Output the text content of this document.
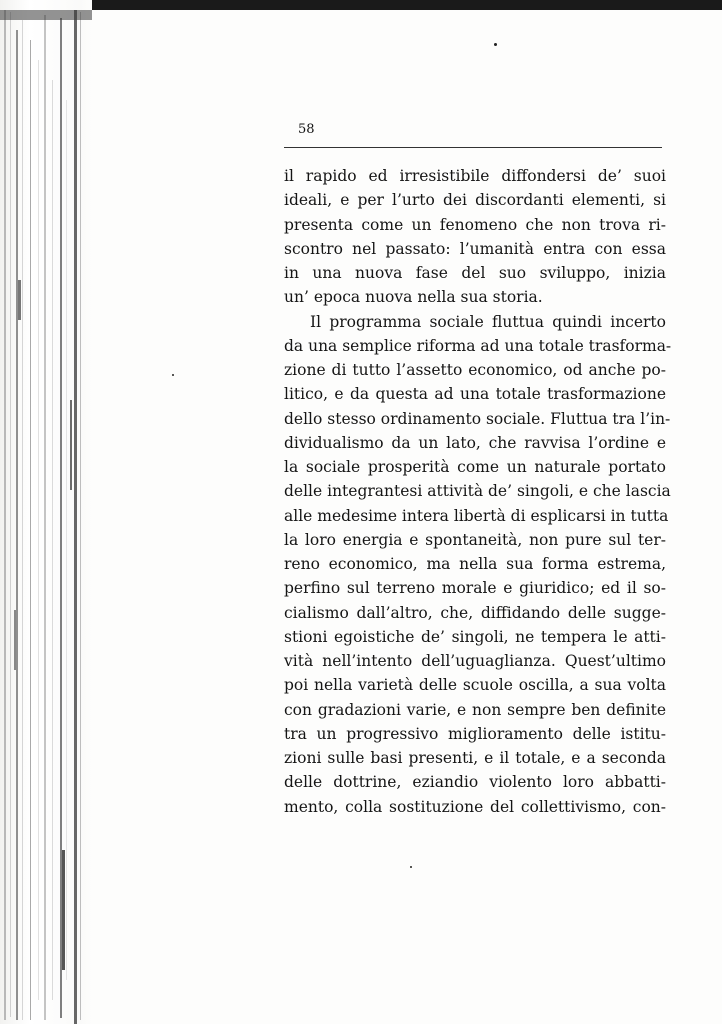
58
il rapido ed irresistibile diffondersi de’ suoi
ideali, e per l’urto dei discordanti elementi, si
presenta come un fenomeno che non trova ri-
scontro nel passato: l’umanità entra con essa
in una nuova fase del suo sviluppo, inizia
un’ epoca nuova nella sua storia.
Il programma sociale fluttua quindi incerto
da una semplice riforma ad una totale trasforma-
zione di tutto l’assetto economico, od anche po-
litico, e da questa ad una totale trasformazione
dello stesso ordinamento sociale. Fluttua tra l’in-
dividualismo da un lato, che ravvisa l’ordine e
la sociale prosperità come un naturale portato
delle integrantesi attività de’ singoli, e che lascia
alle medesime intera libertà di esplicarsi in tutta
la loro energia e spontaneità, non pure sul ter-
reno economico, ma nella sua forma estrema,
perfino sul terreno morale e giuridico; ed il so-
cialismo dall’altro, che, diffidando delle sugge-
stioni egoistiche de’ singoli, ne tempera le atti-
vità nell’intento dell’uguaglianza. Quest’ultimo
poi nella varietà delle scuole oscilla, a sua volta
con gradazioni varie, e non sempre ben definite
tra un progressivo miglioramento delle istitu-
zioni sulle basi presenti, e il totale, e a seconda
delle dottrine, eziandio violento loro abbatti-
mento, colla sostituzione del collettivismo, con-
